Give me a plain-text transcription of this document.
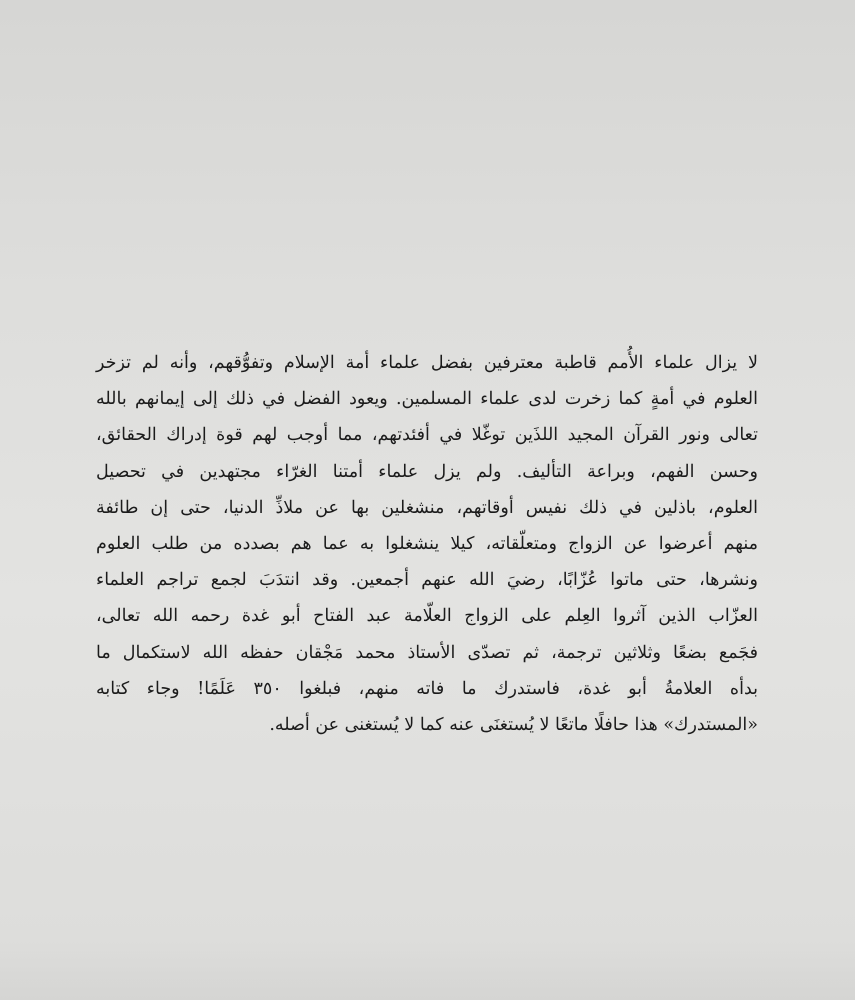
لا يزال علماء الأُمم قاطبة معترفين بفضل علماء أمة الإسلام وتفوُّقهم، وأنه لم تزخر
العلوم في أمةٍ كما زخرت لدى علماء المسلمين. ويعود الفضل في ذلك إلى إيمانهم بالله
تعالى ونور القرآن المجيد اللذَين توغّلا في أفئدتهم، مما أوجب لهم قوة إدراك الحقائق،
وحسن الفهم، وبراعة التأليف. ولم يزل علماء أمتنا الغرّاء مجتهدين في تحصيل
العلوم، باذلين في ذلك نفيس أوقاتهم، منشغلين بها عن ملاذِّ الدنيا، حتى إن طائفة
منهم أعرضوا عن الزواج ومتعلّقاته، كيلا ينشغلوا به عما هم بصدده من طلب العلوم
ونشرها، حتى ماتوا عُزّابًا، رضيَ الله عنهم أجمعين. وقد انتدَبَ لجمع تراجم العلماء
العزّاب الذين آثروا العِلم على الزواج العلّامة عبد الفتاح أبو غدة رحمه الله تعالى،
فجَمع بضعًا وثلاثين ترجمة، ثم تصدّى الأستاذ محمد مَجْقان حفظه الله لاستكمال ما
بدأه العلامةُ أبو غدة، فاستدرك ما فاته منهم، فبلغوا ٣٥٠ عَلَمًا! وجاء كتابه
«المستدرك» هذا حافلًا ماتعًا لا يُستغنَى عنه كما لا يُستغنى عن أصله.
